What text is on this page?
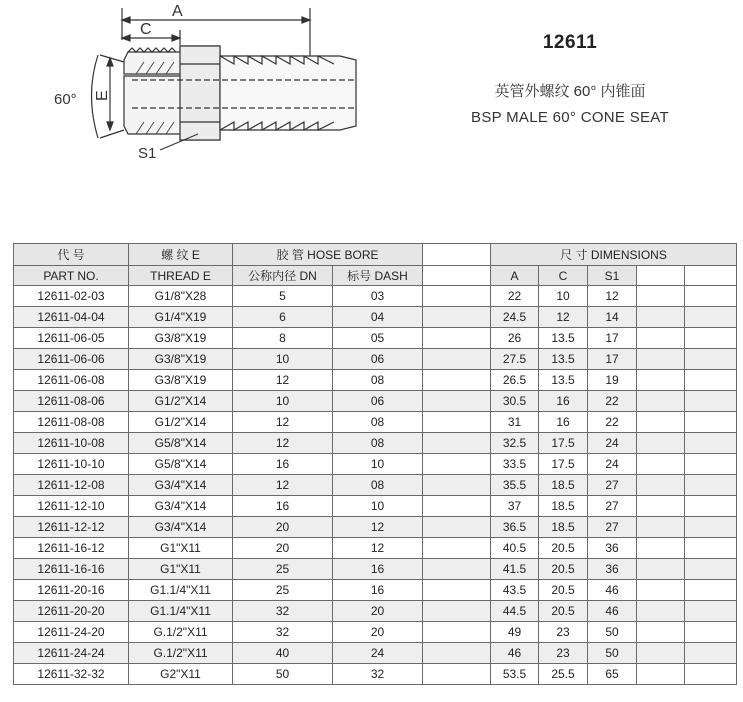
A
C
E
S1
60°
12611
英管外螺纹 60° 内锥面
BSP MALE 60° CONE SEAT
代 号	螺 纹 E	胶 管 HOSE BORE			尺 寸 DIMENSIONS				
PART NO.	THREAD E	公称内径 DN	标号 DASH		A	C	S1		
12611-02-03	G1/8"X28	5	03		22	10	12		
12611-04-04	G1/4"X19	6	04		24.5	12	14		
12611-06-05	G3/8"X19	8	05		26	13.5	17		
12611-06-06	G3/8"X19	10	06		27.5	13.5	17		
12611-06-08	G3/8"X19	12	08		26.5	13.5	19		
12611-08-06	G1/2"X14	10	06		30.5	16	22		
12611-08-08	G1/2"X14	12	08		31	16	22		
12611-10-08	G5/8"X14	12	08		32.5	17.5	24		
12611-10-10	G5/8"X14	16	10		33.5	17.5	24		
12611-12-08	G3/4"X14	12	08		35.5	18.5	27		
12611-12-10	G3/4"X14	16	10		37	18.5	27		
12611-12-12	G3/4"X14	20	12		36.5	18.5	27		
12611-16-12	G1"X11	20	12		40.5	20.5	36		
12611-16-16	G1"X11	25	16		41.5	20.5	36		
12611-20-16	G1.1/4"X11	25	16		43.5	20.5	46		
12611-20-20	G1.1/4"X11	32	20		44.5	20.5	46		
12611-24-20	G.1/2"X11	32	20		49	23	50		
12611-24-24	G.1/2"X11	40	24		46	23	50		
12611-32-32	G2"X11	50	32		53.5	25.5	65		
